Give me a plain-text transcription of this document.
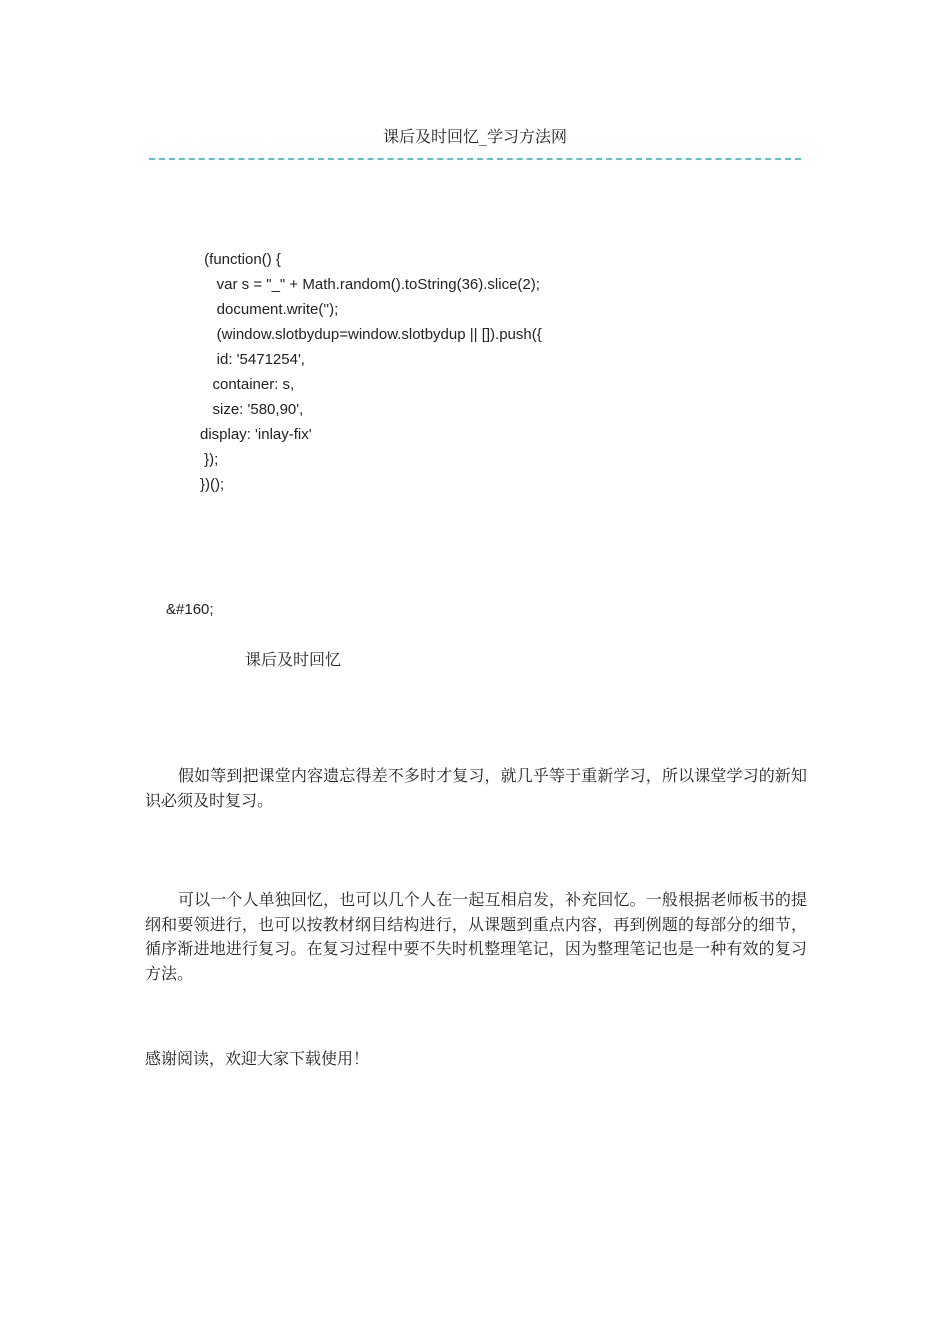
课后及时回忆_学习方法网
(function() {
var s = "_" + Math.random().toString(36).slice(2);
document.write('');
(window.slotbydup=window.slotbydup || []).push({
id: '5471254',
container: s,
size: '580,90',
display: 'inlay-fix'
});
})();
&#160;
课后及时回忆

假如等到把课堂内容遗忘得差不多时才复习，就几乎等于重新学习，所以课堂学习的新知识必须及时复习。

可以一个人单独回忆，也可以几个人在一起互相启发，补充回忆。一般根据老师板书的提纲和要领进行，也可以按教材纲目结构进行，从课题到重点内容，再到例题的每部分的细节，循序渐进地进行复习。在复习过程中要不失时机整理笔记，因为整理笔记也是一种有效的复习方法。

感谢阅读，欢迎大家下载使用！
